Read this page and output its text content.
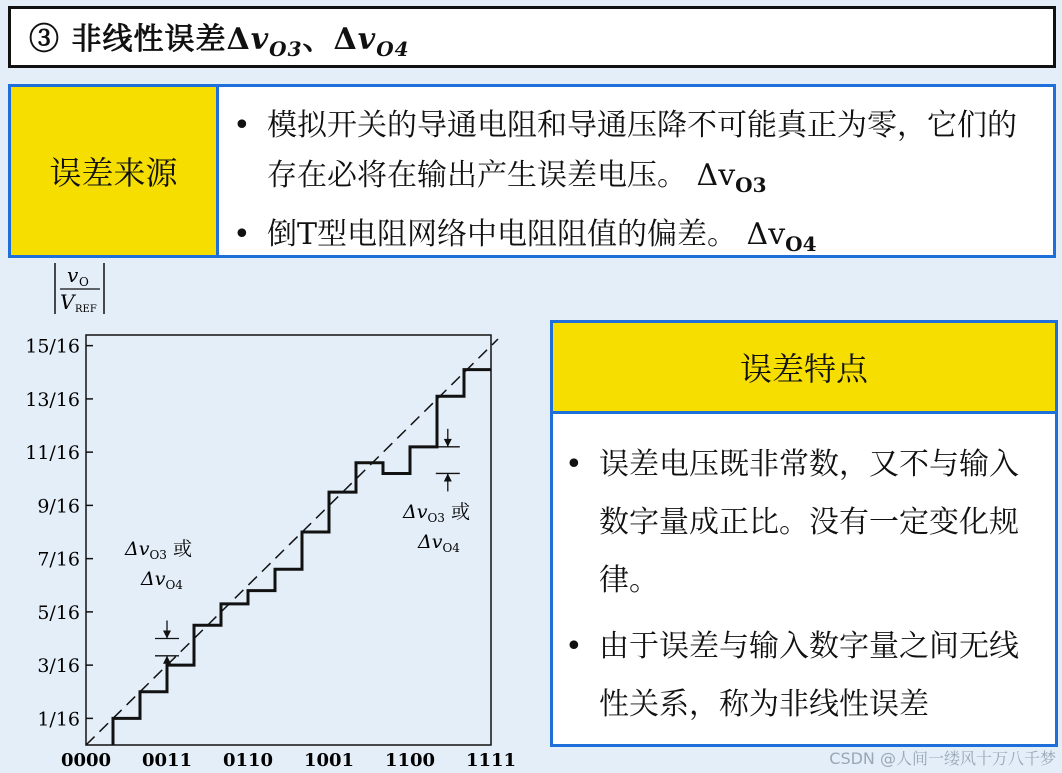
③ 非线性误差$\Delta v_{O3}$、$\Delta v_{O4}$
误差来源
• 模拟开关的导通电阻和导通压降不可能真正为零，它们的存在必将在输出产生误差电压。 $\Delta v_{O3}$
• 倒T型电阻网络中电阻阻值的偏差。 $\Delta v_{O4}$
v O
V REF
15/16
13/16
11/16
9/16
7/16
5/16
3/16
1/16
0000 0011 0110 1001 1100 1111
$\Delta v_{O3}$ 或
$\Delta v_{O4}$
$\Delta v_{O3}$ 或
$\Delta v_{O4}$
误差特点
• 误差电压既非常数，又不与输入数字量成正比。没有一定变化规律。
• 由于误差与输入数字量之间无线性关系，称为非线性误差
CSDN @人间一缕风十万八千梦
